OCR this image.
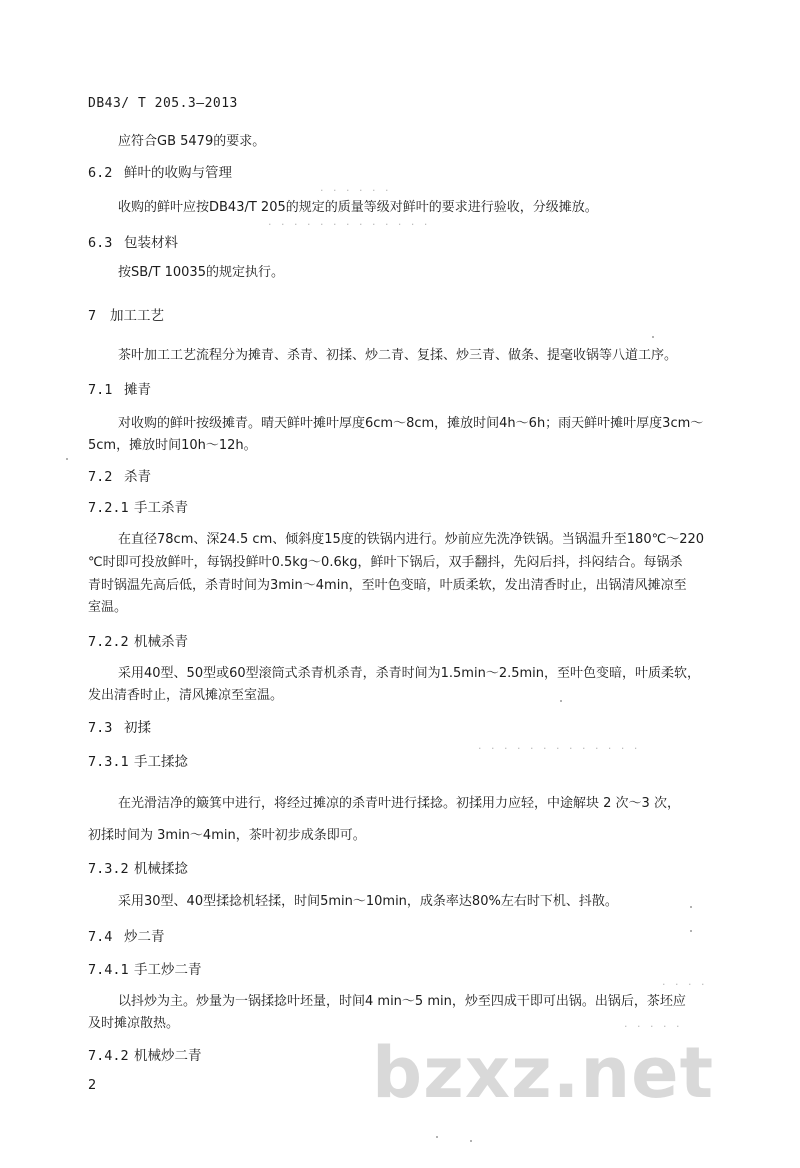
DB43/ T 205.3—2013
应符合GB 5479的要求。
6.2 鲜叶的收购与管理
· · · · · ·
收购的鲜叶应按DB43/T 205的规定的质量等级对鲜叶的要求进行验收，分级摊放。
· · · · · · · · · · · · ·
6.3 包装材料
按SB/T 10035的规定执行。
7 加工工艺
茶叶加工工艺流程分为摊青、杀青、初揉、炒二青、复揉、炒三青、做条、提毫收锅等八道工序。
7.1 摊青
对收购的鲜叶按级摊青。晴天鲜叶摊叶厚度6cm～8cm，摊放时间4h～6h；雨天鲜叶摊叶厚度3cm～
5cm，摊放时间10h～12h。
7.2 杀青
7.2.1 手工杀青
在直径78cm、深24.5 cm、倾斜度15度的铁锅内进行。炒前应先洗净铁锅。当锅温升至180℃～220
℃时即可投放鲜叶，每锅投鲜叶0.5kg～0.6kg，鲜叶下锅后，双手翻抖，先闷后抖，抖闷结合。每锅杀
青时锅温先高后低，杀青时间为3min～4min，至叶色变暗，叶质柔软，发出清香时止，出锅清风摊凉至
室温。
7.2.2 机械杀青
采用40型、50型或60型滚筒式杀青机杀青，杀青时间为1.5min～2.5min，至叶色变暗，叶质柔软，
发出清香时止，清风摊凉至室温。
7.3 初揉
· · · · · · · · · · · · ·
7.3.1 手工揉捻
在光滑洁净的簸箕中进行，将经过摊凉的杀青叶进行揉捻。初揉用力应轻，中途解块 2 次～3 次，
初揉时间为 3min～4min，茶叶初步成条即可。
7.3.2 机械揉捻
采用30型、40型揉捻机轻揉，时间5min～10min，成条率达80%左右时下机、抖散。
7.4 炒二青
7.4.1 手工炒二青
· · · ·
以抖炒为主。炒量为一锅揉捻叶坯量，时间4 min～5 min，炒至四成干即可出锅。出锅后，茶坯应
及时摊凉散热。	· · · · ·
7.4.2 机械炒二青
2	bzxz.net
